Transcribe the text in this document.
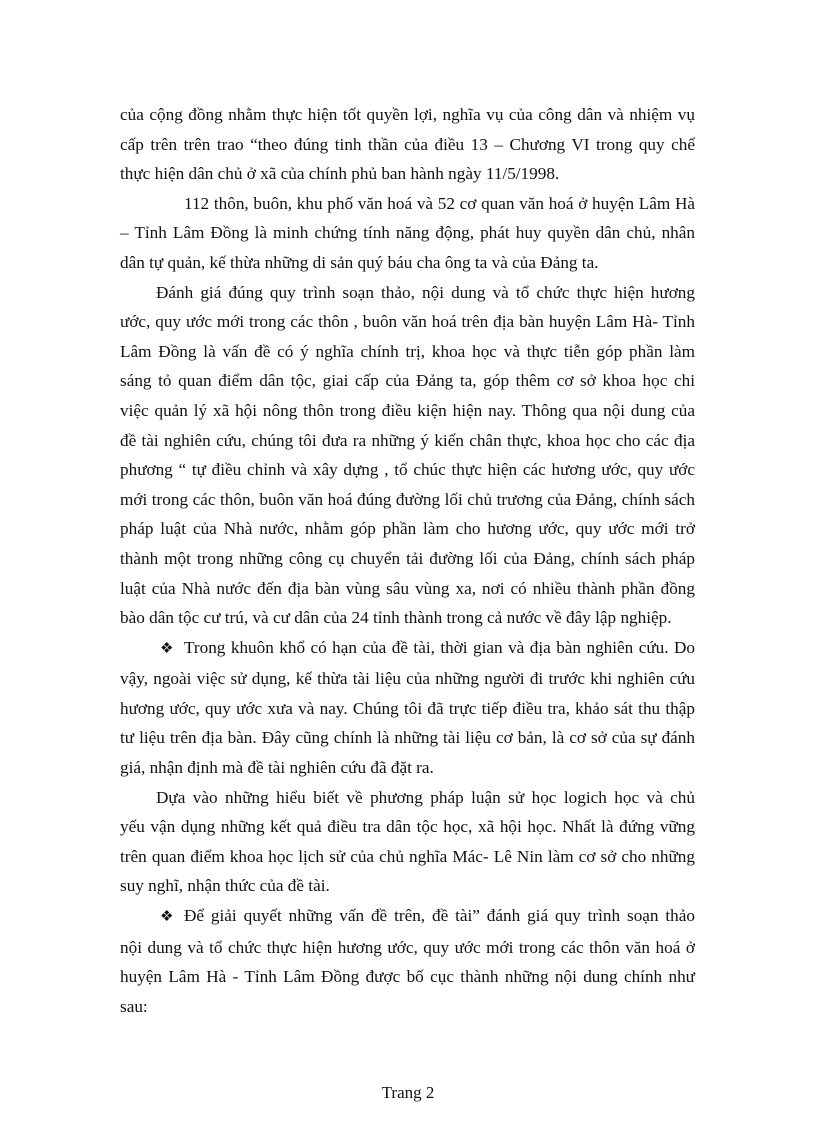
của cộng đồng nhằm thực hiện tốt quyền lợi, nghĩa vụ của công dân và nhiệm vụ
cấp trên trên trao “theo đúng tinh thần của điều 13 – Chương VI trong quy chế
thực hiện dân chủ ở xã của chính phủ ban hành ngày 11/5/1998.
112 thôn, buôn, khu phố văn hoá và 52 cơ quan văn hoá ở huyện Lâm Hà
– Tỉnh Lâm Đồng là minh chứng tính năng động, phát huy quyền dân chủ, nhân
dân tự quản, kế thừa những di sản quý báu cha ông ta và của Đảng ta.
Đánh giá đúng quy trình soạn thảo, nội dung và tổ chức thực hiện hương
ước, quy ước mới trong các thôn , buôn văn hoá trên địa bàn huyện Lâm Hà- Tỉnh
Lâm Đồng là vấn đề có ý nghĩa chính trị, khoa học và thực tiễn góp phần làm
sáng tỏ quan điểm dân tộc, giai cấp của Đảng ta, góp thêm cơ sở khoa học chi
việc quản lý xã hội nông thôn trong điều kiện hiện nay. Thông qua nội dung của
đề tài nghiên cứu, chúng tôi đưa ra những ý kiến chân thực, khoa học cho các địa
phương “ tự điều chỉnh và xây dựng , tổ chúc thực hiện các hương ước, quy ước
mới trong các thôn, buôn văn hoá đúng đường lối chủ trương của Đảng, chính sách
pháp luật của Nhà nước, nhằm góp phần làm cho hương ước, quy ước mới trở
thành một trong những công cụ chuyển tải đường lối của Đảng, chính sách pháp
luật của Nhà nước đến địa bàn vùng sâu vùng xa, nơi có nhiều thành phần đồng
bào dân tộc cư trú, và cư dân của 24 tỉnh thành trong cả nước về đây lập nghiệp.
❖ Trong khuôn khổ có hạn của đề tài, thời gian và địa bàn nghiên cứu. Do
vậy, ngoài việc sử dụng, kế thừa tài liệu của những người đi trước khi nghiên cứu
hương ước, quy ước xưa và nay. Chúng tôi đã trực tiếp điều tra, khảo sát thu thập
tư liệu trên địa bàn. Đây cũng chính là những tài liệu cơ bản, là cơ sở của sự đánh
giá, nhận định mà đề tài nghiên cứu đã đặt ra.
Dựa vào những hiểu biết về phương pháp luận sử học logich học và chủ
yếu vận dụng những kết quả điều tra dân tộc học, xã hội học. Nhất là đứng vững
trên quan điểm khoa học lịch sử của chủ nghĩa Mác- Lê Nin làm cơ sở cho những
suy nghĩ, nhận thức của đề tài.
❖ Để giải quyết những vấn đề trên, đề tài” đánh giá quy trình soạn thảo
nội dung và tổ chức thực hiện hương ước, quy ước mới trong các thôn văn hoá ở
huyện Lâm Hà - Tỉnh Lâm Đồng được bố cục thành những nội dung chính như
sau:
Trang 2
